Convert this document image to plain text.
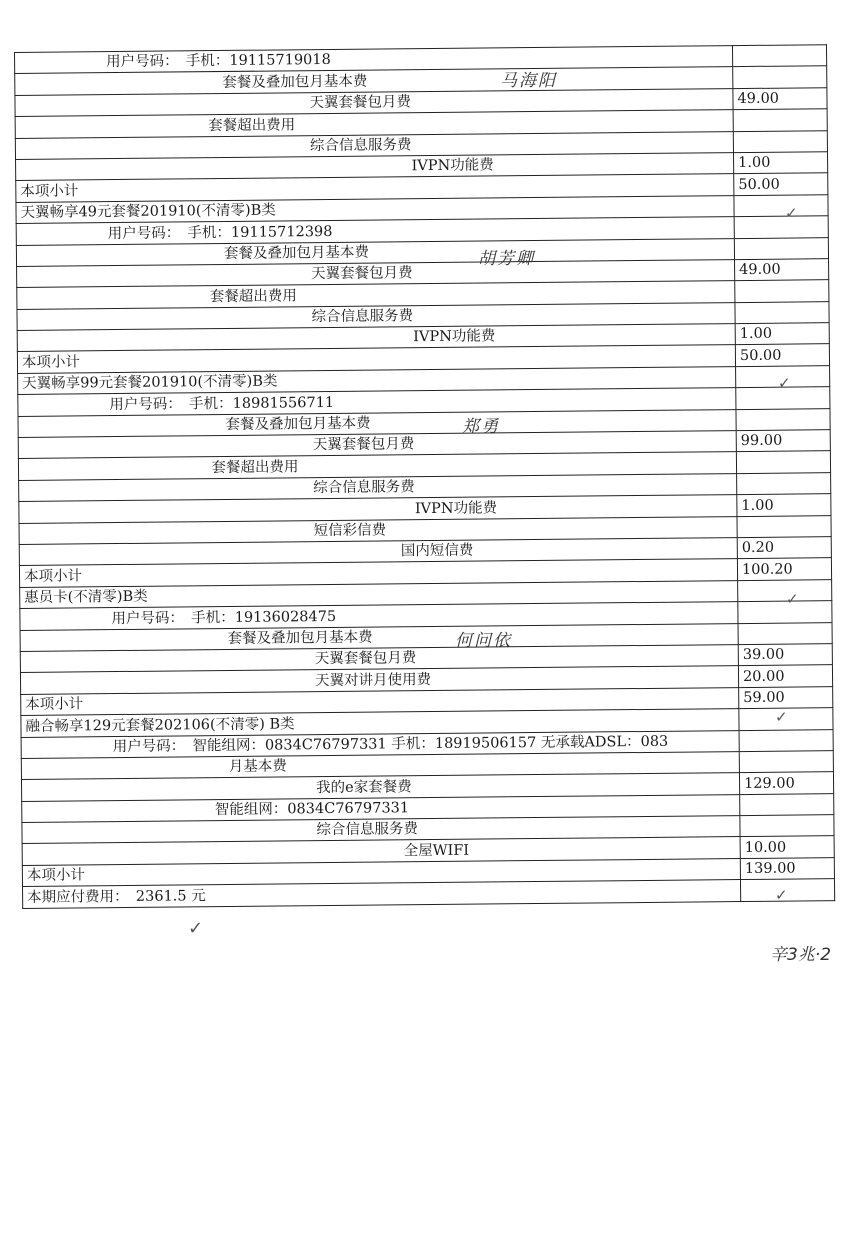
　　　　　　用户号码：　手机：19115719018	
　　　　　　　　　　　　　　套餐及叠加包月基本费	
　　　　　　　　　　　　　　　　　　　　天翼套餐包月费	49.00
　　　　　　　　　　　　　套餐超出费用	
　　　　　　　　　　　　　　　　　　　　综合信息服务费	
　　　　　　　　　　　　　　　　　　　　　　　　　　　IVPN功能费	1.00
本项小计	50.00
天翼畅享49元套餐201910(不清零)B类	
　　　　　　用户号码：　手机：19115712398	
　　　　　　　　　　　　　　套餐及叠加包月基本费	
　　　　　　　　　　　　　　　　　　　　天翼套餐包月费	49.00
　　　　　　　　　　　　　套餐超出费用	
　　　　　　　　　　　　　　　　　　　　综合信息服务费	
　　　　　　　　　　　　　　　　　　　　　　　　　　　IVPN功能费	1.00
本项小计	50.00
天翼畅享99元套餐201910(不清零)B类	
　　　　　　用户号码：　手机：18981556711	
　　　　　　　　　　　　　　套餐及叠加包月基本费	
　　　　　　　　　　　　　　　　　　　　天翼套餐包月费	99.00
　　　　　　　　　　　　　套餐超出费用	
　　　　　　　　　　　　　　　　　　　　综合信息服务费	
　　　　　　　　　　　　　　　　　　　　　　　　　　　IVPN功能费	1.00
　　　　　　　　　　　　　　　　　　　　短信彩信费	
　　　　　　　　　　　　　　　　　　　　　　　　　　国内短信费	0.20
本项小计	100.20
惠员卡(不清零)B类	
　　　　　　用户号码：　手机：19136028475	
　　　　　　　　　　　　　　套餐及叠加包月基本费	
　　　　　　　　　　　　　　　　　　　　天翼套餐包月费	39.00
　　　　　　　　　　　　　　　　　　　　天翼对讲月使用费	20.00
本项小计	59.00
融合畅享129元套餐202106(不清零) B类	
　　　　　　用户号码：　智能组网：0834C76797331 手机：18919506157 无承载ADSL：083	
　　　　　　　　　　　　　　月基本费	
　　　　　　　　　　　　　　　　　　　　我的e家套餐费	129.00
　　　　　　　　　　　　　智能组网：0834C76797331	
　　　　　　　　　　　　　　　　　　　　综合信息服务费	
　　　　　　　　　　　　　　　　　　　　　　　　　　全屋WIFI	10.00
本项小计	139.00
本期应付费用：　2361.5 元	
马海阳
胡芳卿
郑勇
何问依
✓
✓
✓
✓
✓
✓
辛3兆·2
